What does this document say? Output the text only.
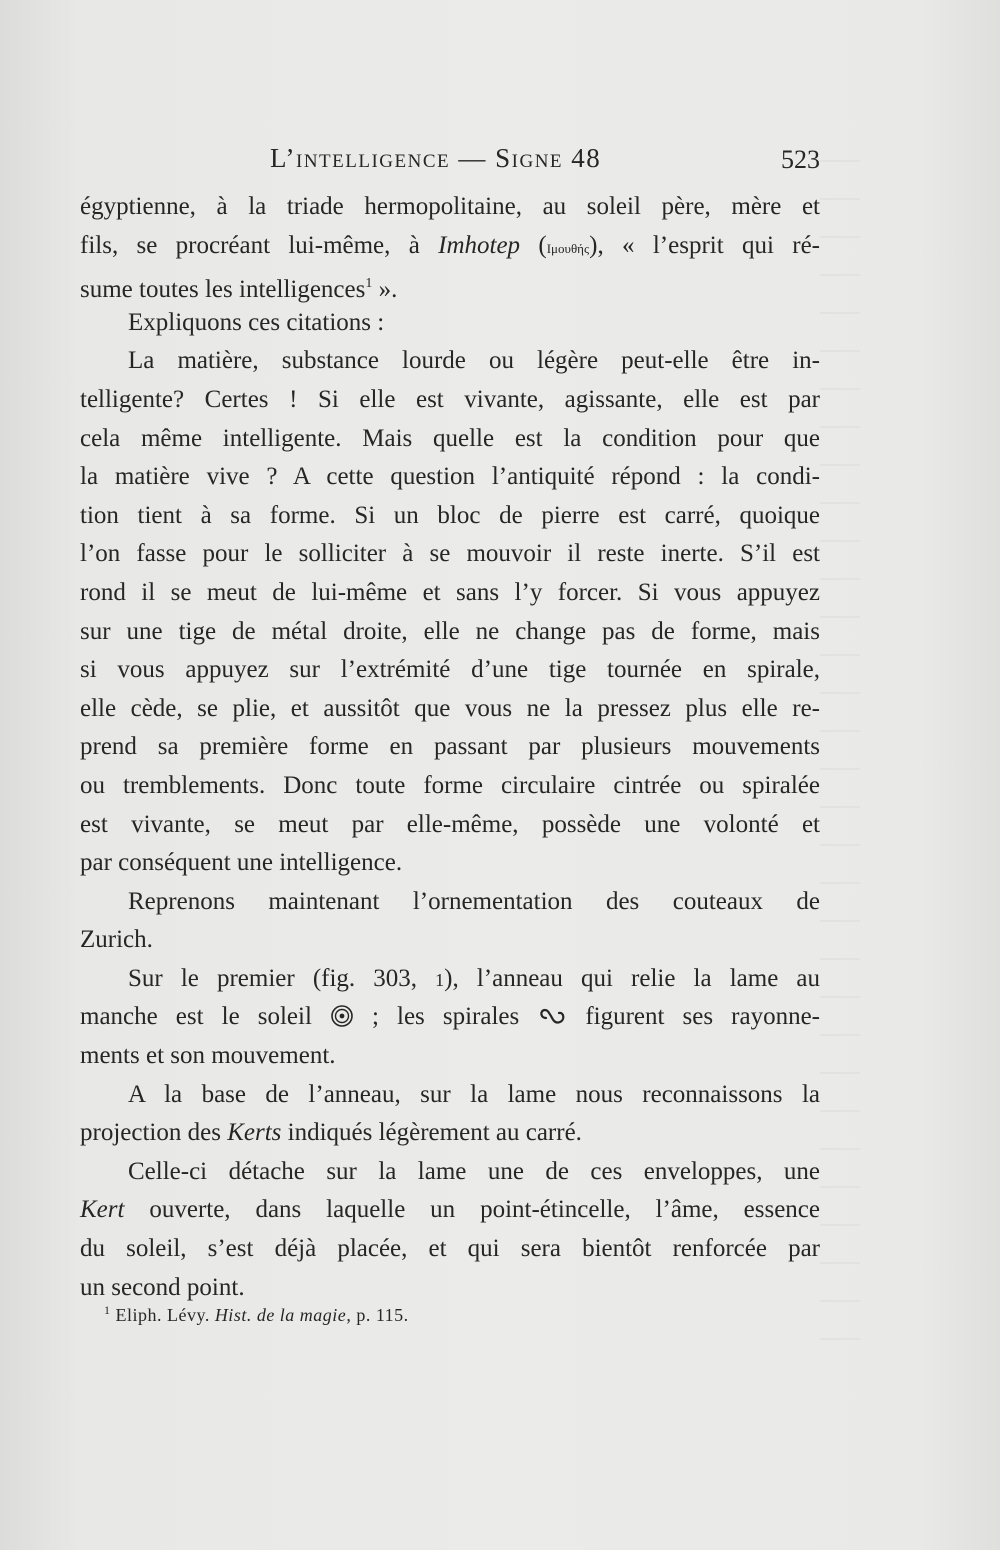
L’intelligence — Signe 48	523
égyptienne, à la triade hermopolitaine, au soleil père, mère et
fils, se procréant lui-même, à Imhotep (Iμουθής), « l’esprit qui ré-
sume toutes les intelligences$^1$ ».
Expliquons ces citations :
La matière, substance lourde ou légère peut-elle être in-
telligente? Certes ! Si elle est vivante, agissante, elle est par
cela même intelligente. Mais quelle est la condition pour que
la matière vive ? A cette question l’antiquité répond : la condi-
tion tient à sa forme. Si un bloc de pierre est carré, quoique
l’on fasse pour le solliciter à se mouvoir il reste inerte. S’il est
rond il se meut de lui-même et sans l’y forcer. Si vous appuyez
sur une tige de métal droite, elle ne change pas de forme, mais
si vous appuyez sur l’extrémité d’une tige tournée en spirale,
elle cède, se plie, et aussitôt que vous ne la pressez plus elle re-
prend sa première forme en passant par plusieurs mouvements
ou tremblements. Donc toute forme circulaire cintrée ou spiralée
est vivante, se meut par elle-même, possède une volonté et
par conséquent une intelligence.
Reprenons maintenant l’ornementation des couteaux de
Zurich.
Sur le premier (fig. 303, 1), l’anneau qui relie la lame au
manche est le soleil  ; les spirales  figurent ses rayonne-
ments et son mouvement.
A la base de l’anneau, sur la lame nous reconnaissons la
projection des Kerts indiqués légèrement au carré.
Celle-ci détache sur la lame une de ces enveloppes, une
Kert ouverte, dans laquelle un point-étincelle, l’âme, essence
du soleil, s’est déjà placée, et qui sera bientôt renforcée par
un second point.
$^1$ Eliph. Lévy. Hist. de la magie, p. 115.
